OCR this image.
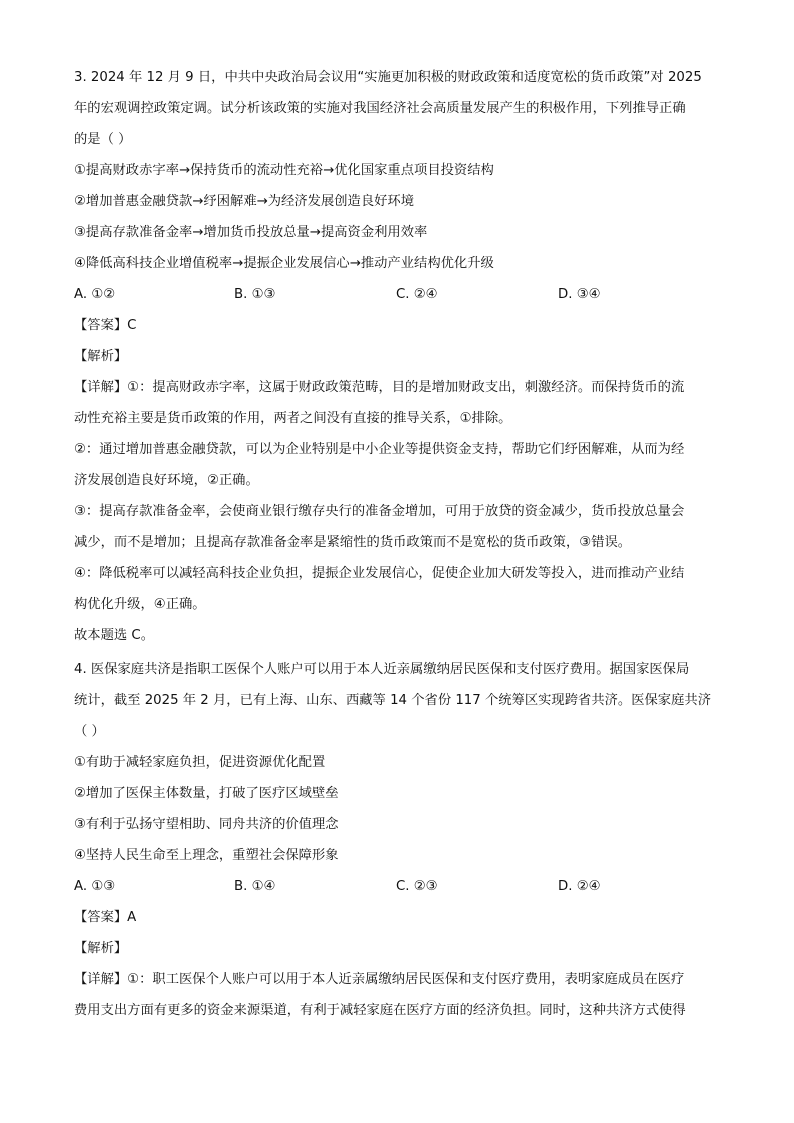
3. 2024 年 12 月 9 日，中共中央政治局会议用“实施更加积极的财政政策和适度宽松的货币政策”对 2025
年的宏观调控政策定调。试分析该政策的实施对我国经济社会高质量发展产生的积极作用，下列推导正确
的是（ ）
①提高财政赤字率→保持货币的流动性充裕→优化国家重点项目投资结构
②增加普惠金融贷款→纾困解难→为经济发展创造良好环境
③提高存款准备金率→增加货币投放总量→提高资金利用效率
④降低高科技企业增值税率→提振企业发展信心→推动产业结构优化升级
A. ①②	B. ①③	C. ②④	D. ③④
【答案】C
【解析】
【详解】①：提高财政赤字率，这属于财政政策范畴，目的是增加财政支出，刺激经济。而保持货币的流
动性充裕主要是货币政策的作用，两者之间没有直接的推导关系，①排除。
②：通过增加普惠金融贷款，可以为企业特别是中小企业等提供资金支持，帮助它们纾困解难，从而为经
济发展创造良好环境，②正确。
③：提高存款准备金率，会使商业银行缴存央行的准备金增加，可用于放贷的资金减少，货币投放总量会
减少，而不是增加；且提高存款准备金率是紧缩性的货币政策而不是宽松的货币政策，③错误。
④：降低税率可以减轻高科技企业负担，提振企业发展信心，促使企业加大研发等投入，进而推动产业结
构优化升级，④正确。
故本题选 C。
4. 医保家庭共济是指职工医保个人账户可以用于本人近亲属缴纳居民医保和支付医疗费用。据国家医保局
统计，截至 2025 年 2 月，已有上海、山东、西藏等 14 个省份 117 个统筹区实现跨省共济。医保家庭共济
（ ）
①有助于减轻家庭负担，促进资源优化配置
②增加了医保主体数量，打破了医疗区域壁垒
③有利于弘扬守望相助、同舟共济的价值理念
④坚持人民生命至上理念，重塑社会保障形象
A. ①③	B. ①④	C. ②③	D. ②④
【答案】A
【解析】
【详解】①：职工医保个人账户可以用于本人近亲属缴纳居民医保和支付医疗费用，表明家庭成员在医疗
费用支出方面有更多的资金来源渠道，有利于减轻家庭在医疗方面的经济负担。同时，这种共济方式使得
